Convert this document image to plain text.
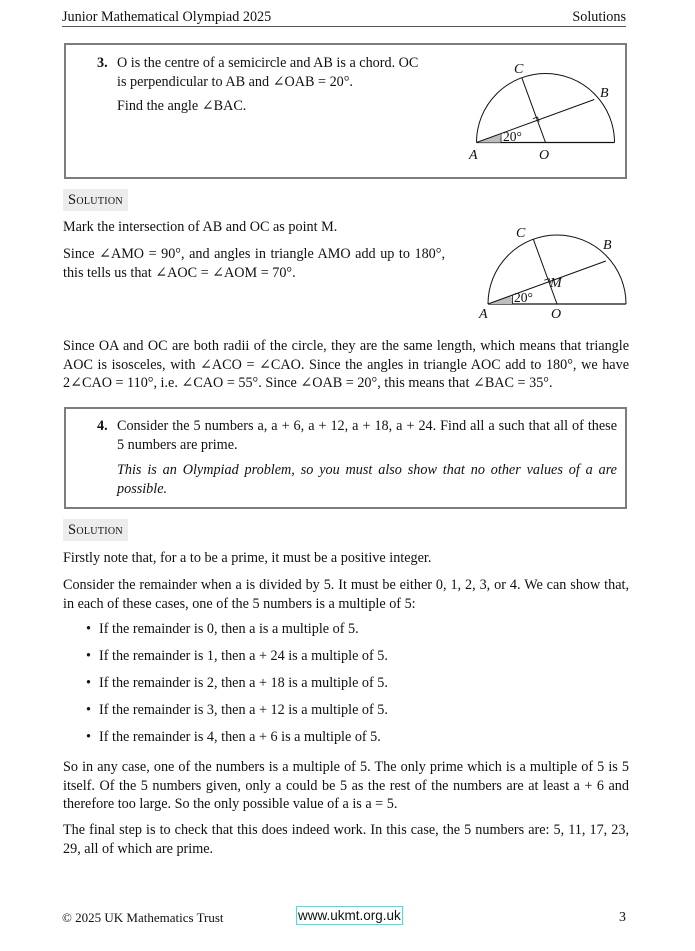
Junior Mathematical Olympiad 2025	Solutions
3. O is the centre of a semicircle and AB is a chord. OC
is perpendicular to AB and ∠OAB = 20°.
Find the angle ∠BAC.
C
B
A	O
20°
Solution

Mark the intersection of AB and OC as point M.

Since ∠AMO = 90°, and angles in triangle AMO add up to 180°, this tells us that ∠AOC = ∠AOM = 70°.

C
B
M
A	O
20°

Since OA and OC are both radii of the circle, they are the same length, which means that triangle AOC is isosceles, with ∠ACO = ∠CAO. Since the angles in triangle AOC add to 180°, we have 2∠CAO = 110°, i.e. ∠CAO = 55°. Since ∠OAB = 20°, this means that ∠BAC = 35°.

4. Consider the 5 numbers a, a + 6, a + 12, a + 18, a + 24. Find all a such that all of these 5 numbers are prime.

This is an Olympiad problem, so you must also show that no other values of a are possible.

Solution

Firstly note that, for a to be a prime, it must be a positive integer.

Consider the remainder when a is divided by 5. It must be either 0, 1, 2, 3, or 4. We can show that, in each of these cases, one of the 5 numbers is a multiple of 5:

• If the remainder is 0, then a is a multiple of 5.
• If the remainder is 1, then a + 24 is a multiple of 5.
• If the remainder is 2, then a + 18 is a multiple of 5.
• If the remainder is 3, then a + 12 is a multiple of 5.
• If the remainder is 4, then a + 6 is a multiple of 5.

So in any case, one of the numbers is a multiple of 5. The only prime which is a multiple of 5 is 5 itself. Of the 5 numbers given, only a could be 5 as the rest of the numbers are at least a + 6 and therefore too large. So the only possible value of a is a = 5.

The final step is to check that this does indeed work. In this case, the 5 numbers are: 5, 11, 17, 23, 29, all of which are prime.

© 2025 UK Mathematics Trust	www.ukmt.org.uk	3
